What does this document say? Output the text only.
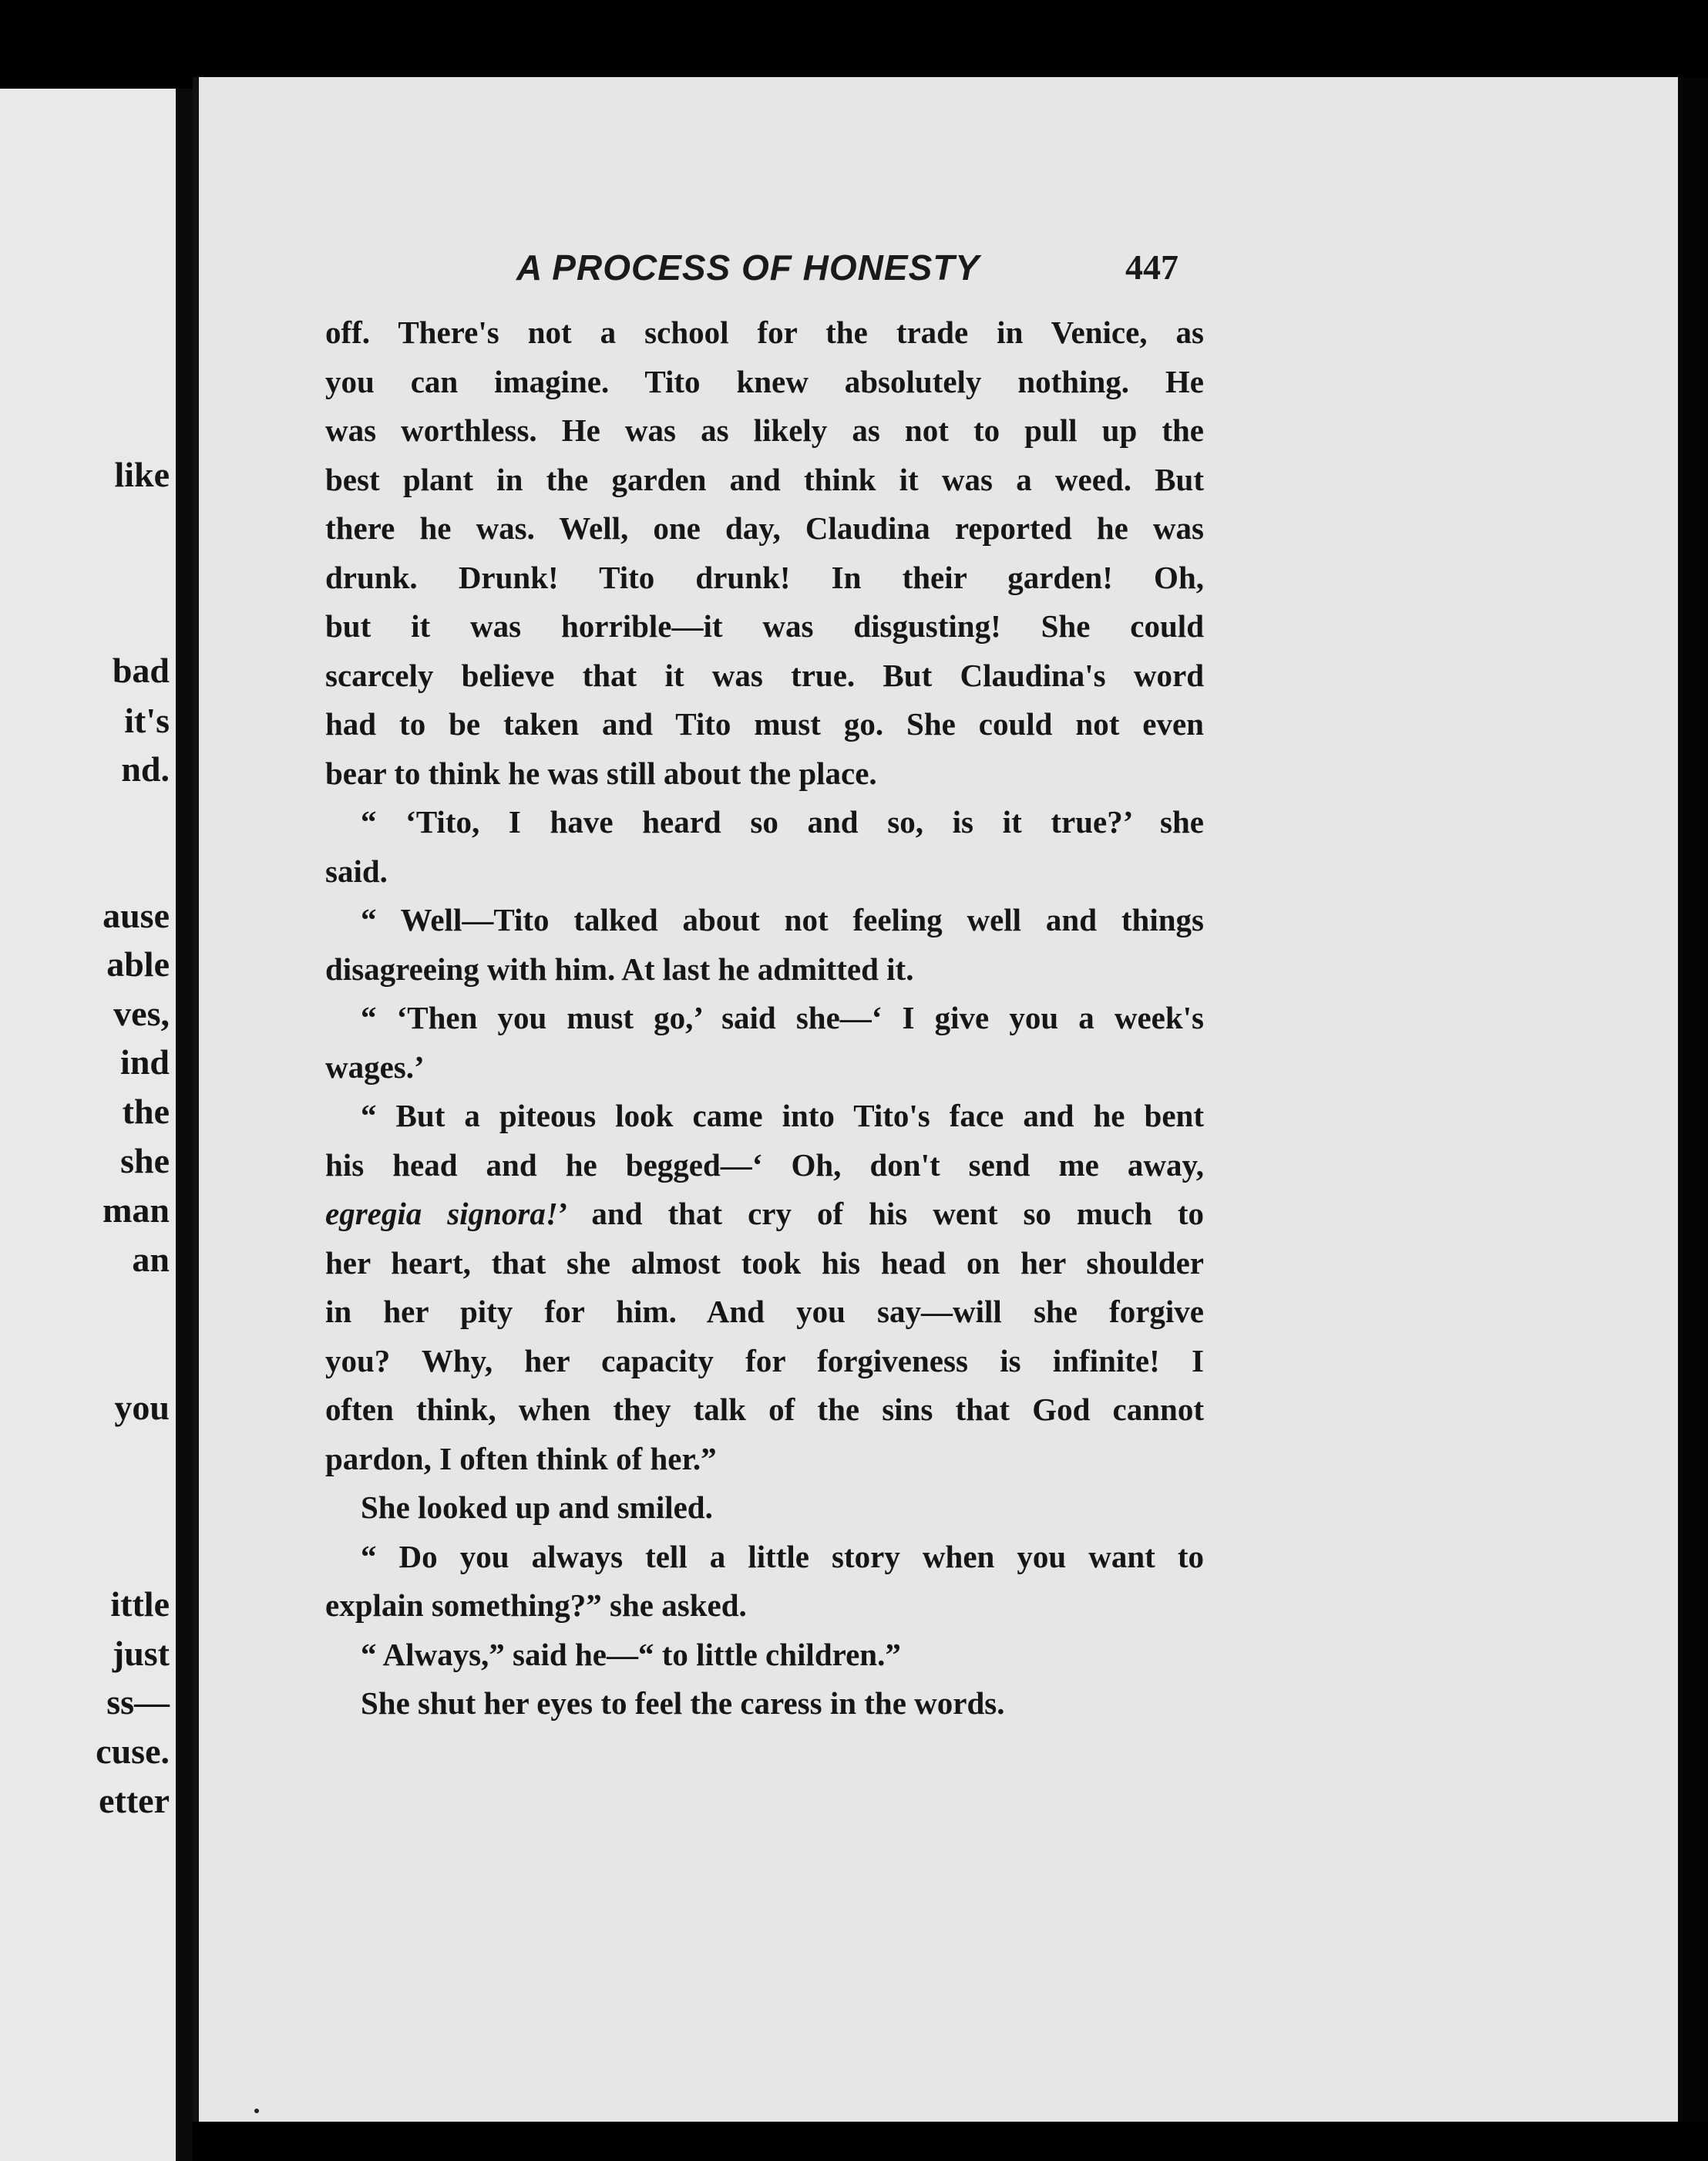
like
bad
it's
nd.
ause
able
ves,
ind
the
she
man
an
you
ittle
just
ss—
cuse.
etter
A PROCESS OF HONESTY	447
off. There's not a school for the trade in Venice, as
you can imagine. Tito knew absolutely nothing. He
was worthless. He was as likely as not to pull up the
best plant in the garden and think it was a weed. But
there he was. Well, one day, Claudina reported he was
drunk. Drunk! Tito drunk! In their garden! Oh,
but it was horrible—it was disgusting! She could
scarcely believe that it was true. But Claudina's word
had to be taken and Tito must go. She could not even
bear to think he was still about the place.
“ ‘Tito, I have heard so and so, is it true?’ she
said.
“ Well—Tito talked about not feeling well and things
disagreeing with him. At last he admitted it.
“ ‘Then you must go,’ said she—‘ I give you a week's
wages.’
“ But a piteous look came into Tito's face and he bent
his head and he begged—‘ Oh, don't send me away,
egregia signora!’ and that cry of his went so much to
her heart, that she almost took his head on her shoulder
in her pity for him. And you say—will she forgive
you? Why, her capacity for forgiveness is infinite! I
often think, when they talk of the sins that God cannot
pardon, I often think of her.”
She looked up and smiled.
“ Do you always tell a little story when you want to
explain something?” she asked.
“ Always,” said he—“ to little children.”
She shut her eyes to feel the caress in the words.
